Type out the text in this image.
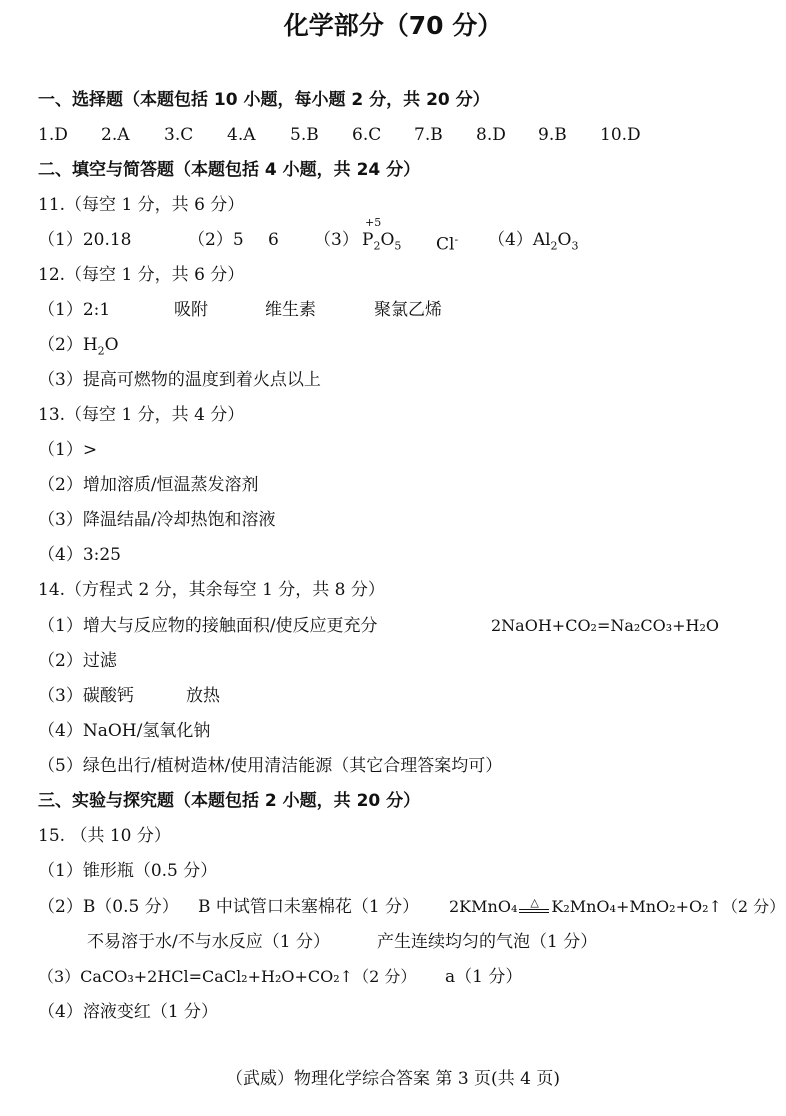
化学部分（70 分）
一、选择题（本题包括 10 小题，每小题 2 分，共 20 分）
1.D 2.A 3.C 4.A 5.B 6.C 7.B 8.D 9.B 10.D
二、填空与简答题（本题包括 4 小题，共 24 分）
11.（每空 1 分，共 6 分）
（1）20.18	（2）5 6 （3）
+5
$P_2O_5$ Cl- $(4)Al_2O_3$
12.（每空 1 分，共 6 分）
（1）2:1	吸附	维生素	聚氯乙烯
$(2)H_2O$
（3）提高可燃物的温度到着火点以上
13.（每空 1 分，共 4 分）
（1）>
（2）增加溶质/恒温蒸发溶剂
（3）降温结晶/冷却热饱和溶液
（4）3:25
14.（方程式 2 分，其余每空 1 分，共 8 分）
（1）增大与反应物的接触面积/使反应更充分	2NaOH+CO₂=Na₂CO₃+H₂O
（2）过滤
（3）碳酸钙	放热
（4）NaOH/氢氧化钠
（5）绿色出行/植树造林/使用清洁能源（其它合理答案均可）
三、实验与探究题（本题包括 2 小题，共 20 分）
15. （共 10 分）
（1）锥形瓶（0.5 分）
（2）B（0.5 分） B 中试管口未塞棉花（1 分） 2KMnO₄ △ K₂MnO₄+MnO₂+O₂↑（2 分）
不易溶于水/不与水反应（1 分）	产生连续均匀的气泡（1 分）
（3）CaCO₃+2HCl=CaCl₂+H₂O+CO₂↑（2 分） a（1 分）
（4）溶液变红（1 分）
（武威）物理化学综合答案 第 3 页(共 4 页)
